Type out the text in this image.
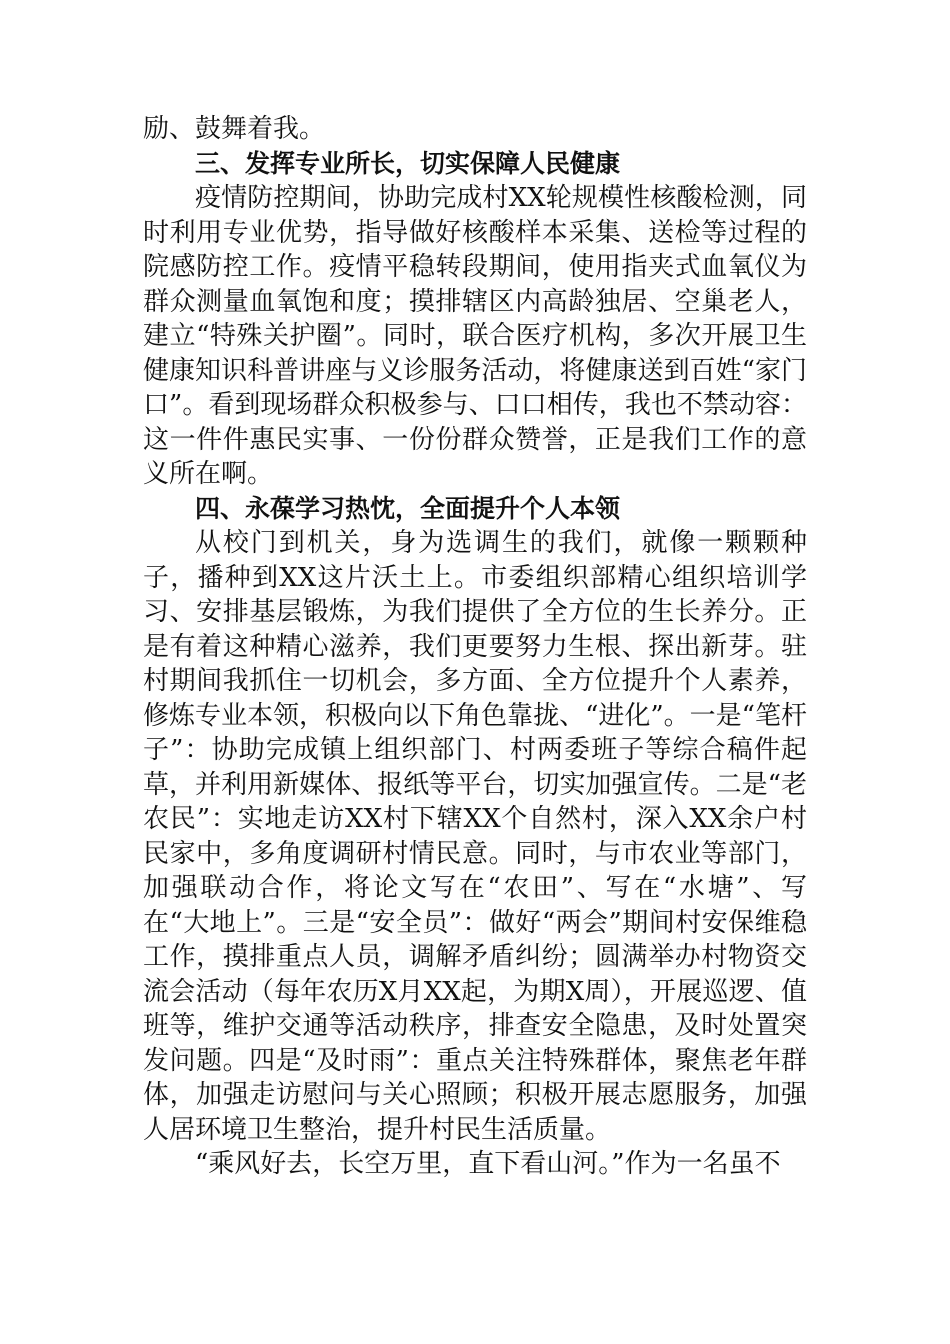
励、鼓舞着我。

三、发挥专业所长，切实保障人民健康

疫情防控期间，协助完成村XX轮规模性核酸检测，同时利用专业优势，指导做好核酸样本采集、送检等过程的院感防控工作。疫情平稳转段期间，使用指夹式血氧仪为群众测量血氧饱和度；摸排辖区内高龄独居、空巢老人，建立“特殊关护圈”。同时，联合医疗机构，多次开展卫生健康知识科普讲座与义诊服务活动，将健康送到百姓“家门口”。看到现场群众积极参与、口口相传，我也不禁动容：这一件件惠民实事、一份份群众赞誉，正是我们工作的意义所在啊。

四、永葆学习热忱，全面提升个人本领

从校门到机关，身为选调生的我们，就像一颗颗种子，播种到XX这片沃土上。市委组织部精心组织培训学习、安排基层锻炼，为我们提供了全方位的生长养分。正是有着这种精心滋养，我们更要努力生根、探出新芽。驻村期间我抓住一切机会，多方面、全方位提升个人素养，修炼专业本领，积极向以下角色靠拢、“进化”。一是“笔杆子”：协助完成镇上组织部门、村两委班子等综合稿件起草，并利用新媒体、报纸等平台，切实加强宣传。二是“老农民”：实地走访XX村下辖XX个自然村，深入XX余户村民家中，多角度调研村情民意。同时，与市农业等部门，加强联动合作，将论文写在“农田”、写在“水塘”、写在“大地上”。三是“安全员”：做好“两会”期间村安保维稳工作，摸排重点人员，调解矛盾纠纷；圆满举办村物资交流会活动（每年农历X月XX起，为期X周），开展巡逻、值班等，维护交通等活动秩序，排查安全隐患，及时处置突发问题。四是“及时雨”：重点关注特殊群体，聚焦老年群体，加强走访慰问与关心照顾；积极开展志愿服务，加强人居环境卫生整治，提升村民生活质量。

“乘风好去，长空万里，直下看山河。”作为一名虽不
